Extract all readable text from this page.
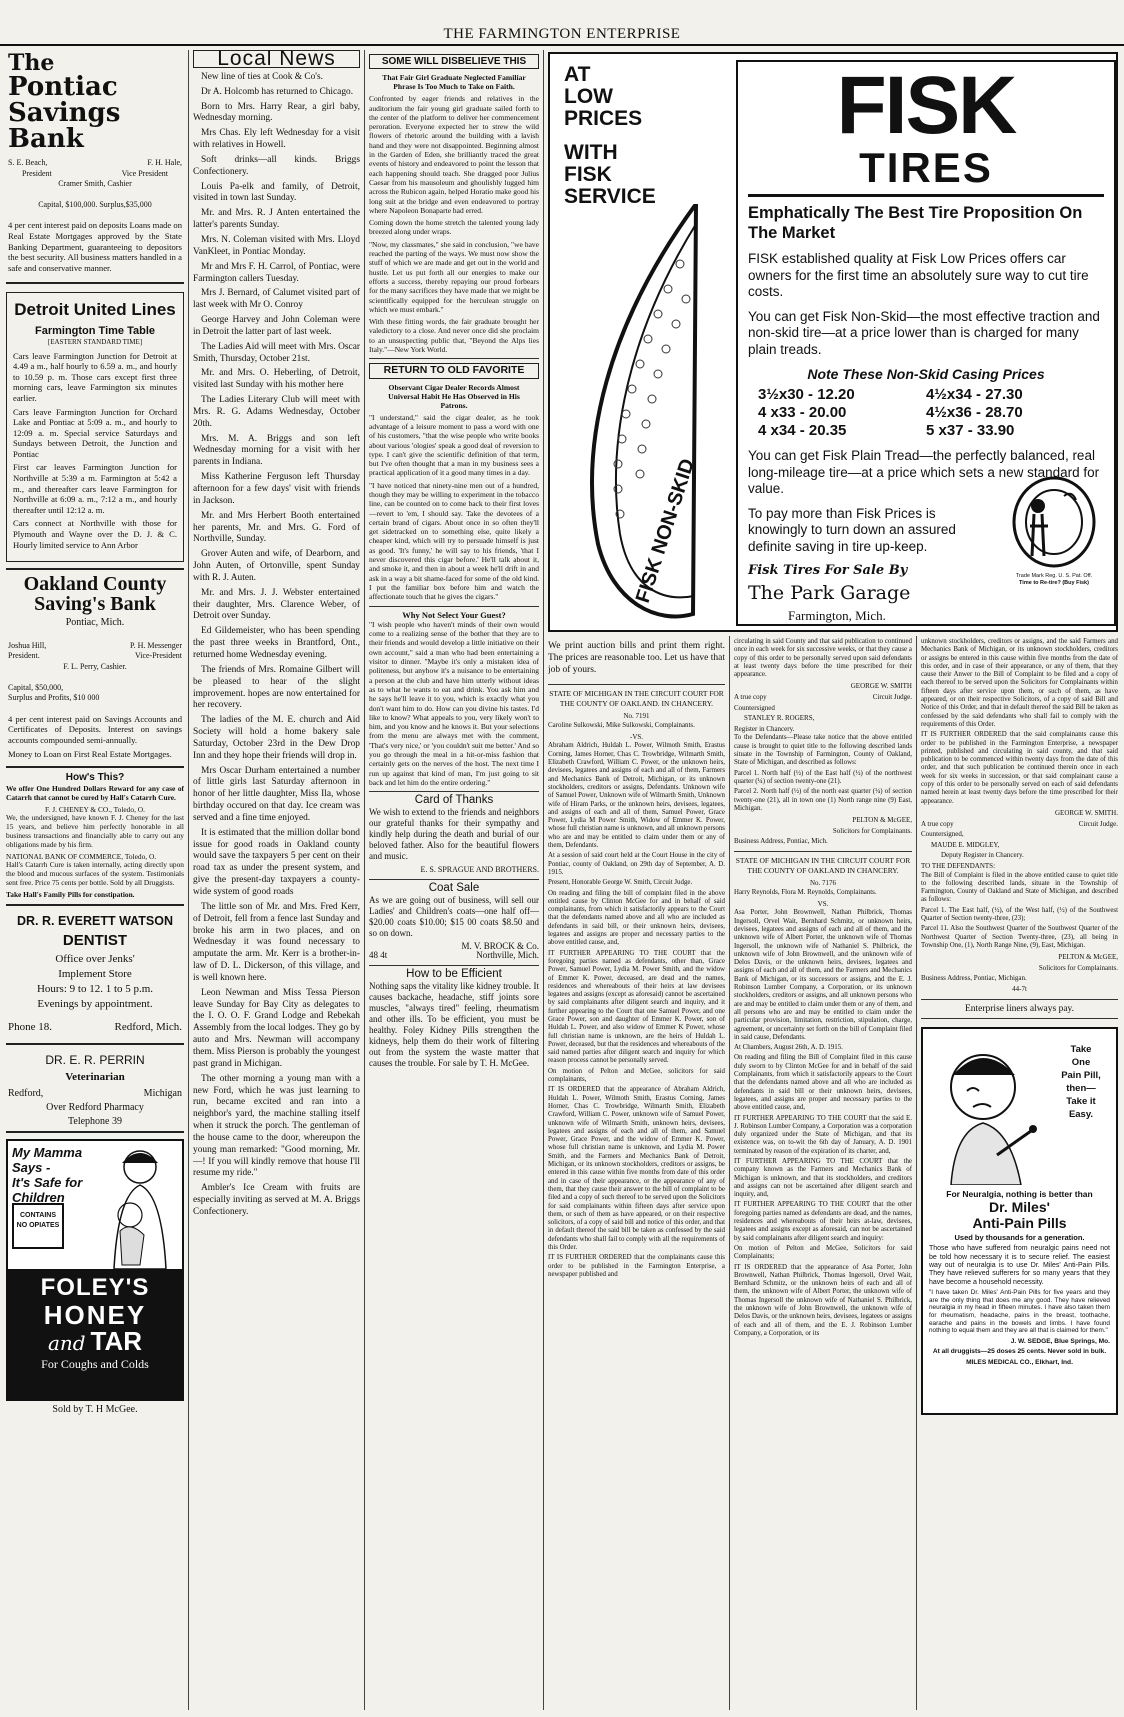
THE FARMINGTON ENTERPRISE
The
Pontiac
Savings Bank
S. E. Beach,	F. H. Hale,
President	Vice President
Cramer Smith, Cashier
Capital, $100,000. Surplus,$35,000

4 per cent interest paid on deposits Loans made on Real Estate Mortgages approved by the State Banking Department, guaranteeing to depositors the best security. All business matters handled in a safe and conservative manner.

Detroit United Lines
Farmington Time Table
[EASTERN STANDARD TIME]

Cars leave Farmington Junction for Detroit at 4.49 a m., half hourly to 6.59 a. m., and hourly to 10.59 p. m. Those cars except first three morning cars, leave Farmington six minutes earlier.

Cars leave Farmington Junction for Orchard Lake and Pontiac at 5:09 a. m., and hourly to 12:09 a. m. Special service Saturdays and Sundays between Detroit, the Junction and Pontiac

First car leaves Farmington Junction for Northville at 5:39 a m. Farmington at 5:42 a m., and thereafter cars leave Farmington for Northville at 6:09 a. m., 7:12 a m., and hourly thereafter until 12:12 a. m.

Cars connect at Northville with those for Plymouth and Wayne over the D. J. & C. Hourly limited service to Ann Arbor

Oakland County
Saving's Bank
Pontiac, Mich.
Joshua Hill,	P. H. Messenger
President.	Vice-President
F. L. Perry, Cashier.
Capital, $50,000,
Surplus and Profits, $10 000

4 per cent interest paid on Savings Accounts and Certificates of Deposits. Interest on savings accounts compounded semi-annually.

Money to Loan on First Real Estate Mortgages.

How's This?

We offer One Hundred Dollars Reward for any case of Catarrh that cannot be cured by Hall's Catarrh Cure.

F. J. CHENEY & CO., Toledo, O.

We, the undersigned, have known F. J. Cheney for the last 15 years, and believe him perfectly honorable in all business transactions and financially able to carry out any obligations made by his firm.

NATIONAL BANK OF COMMERCE, Toledo, O.

Hall's Catarrh Cure is taken internally, acting directly upon the blood and mucous surfaces of the system. Testimonials sent free. Price 75 cents per bottle. Sold by all Druggists.

Take Hall's Family Pills for constipation.
DR. R. EVERETT WATSON
DENTIST
Office over Jenks'
Implement Store
Hours: 9 to 12. 1 to 5 p.m.
Evenings by appointment.
Phone 18.	Redford, Mich.
DR. E. R. PERRIN
Veterinarian
Redford,	Michigan
Over Redford Pharmacy
Telephone 39
My Mamma Says -
It's Safe for
Children
CONTAINS NO OPIATES
FOLEY'S
HONEY
and TAR
For Coughs and Colds
Sold by T. H McGee.
Local News

New line of ties at Cook & Co's.

Dr A. Holcomb has returned to Chicago.

Born to Mrs. Harry Rear, a girl baby, Wednesday morning.

Mrs Chas. Ely left Wednesday for a visit with relatives in Howell.

Soft drinks—all kinds. Briggs Confectionery.

Louis Pa-elk and family, of Detroit, visited in town last Sunday.

Mr. and Mrs. R. J Anten entertained the latter's parents Sunday.

Mrs. N. Coleman visited with Mrs. Lloyd VanKleet, in Pontiac Monday.

Mr and Mrs F. H. Carrol, of Pontiac, were Farmington callers Tuesday.

Mrs J. Bernard, of Calumet visited part of last week with Mr O. Conroy

George Harvey and John Coleman were in Detroit the latter part of last week.

The Ladies Aid will meet with Mrs. Oscar Smith, Thursday, October 21st.

Mr. and Mrs. O. Heberling, of Detroit, visited last Sunday with his mother here

The Ladies Literary Club will meet with Mrs. R. G. Adams Wednesday, October 20th.

Mrs. M. A. Briggs and son left Wednesday morning for a visit with her parents in Indiana.

Miss Katherine Ferguson left Thursday afternoon for a few days' visit with friends in Jackson.

Mr. and Mrs Herbert Booth entertained her parents, Mr. and Mrs. G. Ford of Northville, Sunday.

Grover Auten and wife, of Dearborn, and John Auten, of Ortonville, spent Sunday with R. J. Auten.

Mr. and Mrs. J. J. Webster entertained their daughter, Mrs. Clarence Weber, of Detroit over Sunday.

Ed Gildemeister, who has been spending the past three weeks in Brantford, Ont., returned home Wednesday evening.

The friends of Mrs. Romaine Gilbert will be pleased to hear of the slight improvement. hopes are now entertained for her recovery.

The ladies of the M. E. church and Aid Society will hold a home bakery sale Saturday, October 23rd in the Dew Drop Inn and they hope their friends will drop in.

Mrs Oscar Durham entertained a number of little girls last Saturday afternoon in honor of her little daughter, Miss Ila, whose birthday occured on that day. Ice cream was served and a fine time enjoyed.

It is estimated that the million dollar bond issue for good roads in Oakland county would save the taxpayers 5 per cent on their road tax as under the present system, and give the present-day taxpayers a county-wide system of good roads

The little son of Mr. and Mrs. Fred Kerr, of Detroit, fell from a fence last Sunday and broke his arm in two places, and on Wednesday it was found necessary to amputate the arm. Mr. Kerr is a brother-in-law of D. L. Dickerson, of this village, and is well known here.

Leon Newman and Miss Tessa Pierson leave Sunday for Bay City as delegates to the I. O. O. F. Grand Lodge and Rebekah Assembly from the local lodges. They go by auto and Mrs. Newman will accompany them. Miss Pierson is probably the youngest past grand in Michigan.

The other morning a young man with a new Ford, which he was just learning to run, became excited and ran into a neighbor's yard, the machine stalling itself when it struck the porch. The gentleman of the house came to the door, whereupon the young man remarked: "Good morning, Mr. —! If you will kindly remove that house I'll resume my ride."

Ambler's Ice Cream with fruits are especially inviting as served at M. A. Briggs Confectionery.

SOME WILL DISBELIEVE THIS
That Fair Girl Graduate Neglected Familiar Phrase Is Too Much to Take on Faith.

Confronted by eager friends and relatives in the auditorium the fair young girl graduate sailed forth to the center of the platform to deliver her commencement peroration. Everyone expected her to strew the wild flowers of rhetoric around the building with a lavish hand and they were not disappointed. Beginning almost in the Garden of Eden, she brilliantly traced the great events of history and endeavored to point the lesson that each happening should teach. She dragged poor Julius Caesar from his mausoleum and ghoulishly lugged him across the Rubicon again, helped Horatio make good his long suit at the bridge and even endeavored to portray where Napoleon Bonaparte had erred.

Coming down the home stretch the talented young lady breezed along under wraps.

"Now, my classmates," she said in conclusion, "we have reached the parting of the ways. We must now show the stuff of which we are made and get out in the world and hustle. Let us put forth all our energies to make our efforts a success, thereby repaying our proud forbears for the many sacrifices they have made that we might be scientifically equipped for the herculean struggle on which we must embark."

With these fitting words, the fair graduate brought her valedictory to a close. And never once did she proclaim to an unsuspecting public that, "Beyond the Alps lies Italy."—New York World.

RETURN TO OLD FAVORITE
Observant Cigar Dealer Records Almost Universal Habit He Has Observed in His Patrons.

"I understand," said the cigar dealer, as he took advantage of a leisure moment to pass a word with one of his customers, "that the wise people who write books about various 'ologies' speak a good deal of reversion to type. I can't give the scientific definition of that term, but I've often thought that a man in my business sees a practical application of it a good many times in a day.

"I have noticed that ninety-nine men out of a hundred, though they may be willing to experiment in the tobacco line, can be counted on to come back to their first loves—revert to 'em, I should say. Take the devotees of a certain brand of cigars. About once in so often they'll get sidetracked on to something else, quite likely a cheaper kind, which will try to persuade himself is just as good. 'It's funny,' he will say to his friends, 'that I never discovered this cigar before.' He'll talk about it, and smoke it, and then in about a week he'll drift in and ask in a way a bit shame-faced for some of the old kind. I put the familiar box before him and watch the affectionate touch that he gives the cigars."

Why Not Select Your Guest?

"I wish people who haven't minds of their own would come to a realizing sense of the bother that they are to their friends and would develop a little initiative on their own account," said a man who had been entertaining a visitor to dinner. "Maybe it's only a mistaken idea of politeness, but anyhow it's a nuisance to be entertaining a person at the club and have him utterly without ideas as to what he wants to eat and drink. You ask him and he says he'll leave it to you, which is exactly what you don't want him to do. How can you divine his tastes. I'd like to know? What appeals to you, very likely won't to him, and you know and he knows it. But your selections from the menu are always met with the comment, 'That's very nice,' or 'you couldn't suit me better.' And so you go through the meal in a hit-or-miss fashion that certainly gets on the nerves of the host. The next time I run up against that kind of man, I'm just going to sit back and let him do the entire ordering."

Card of Thanks

We wish to extend to the friends and neighbors our grateful thanks for their sympathy and kindly help during the death and burial of our beloved father. Also for the beautiful flowers and music.

E. S. SPRAGUE AND BROTHERS.
Coat Sale

As we are going out of business, will sell our Ladies' and Children's coats—one half off—$20.00 coats $10.00; $15 00 coats $8.50 and so on down.

M. V. BROCK & Co.
48 4t	Northville, Mich.
How to be Efficient

Nothing saps the vitality like kidney trouble. It causes backache, headache, stiff joints sore muscles, "always tired" feeling, rheumatism and other ills. To be efficient, you must be healthy. Foley Kidney Pills strengthen the kidneys, help them do their work of filtering out from the system the waste matter that causes the trouble. For sale by T. H. McGee.

AT
LOW
PRICES
WITH
FISK
SERVICE
FISK NON-SKID
FISK
TIRES
Emphatically The Best Tire Proposition On The Market
FISK established quality at Fisk Low Prices offers car owners for the first time an absolutely sure way to cut tire costs.
You can get Fisk Non-Skid—the most effective traction and non-skid tire—at a price lower than is charged for many plain treads.
Note These Non-Skid Casing Prices
3½x30 - 12.20	4½x34 - 27.30
4 x33 - 20.00	4½x36 - 28.70
4 x34 - 20.35	5 x37 - 33.90
You can get Fisk Plain Tread—the perfectly balanced, real long-mileage tire—at a price which sets a new standard for value.
To pay more than Fisk Prices is knowingly to turn down an assured definite saving in tire up-keep.
Fisk Tires For Sale By
The Park Garage
Farmington, Mich.
Trade Mark Reg. U. S. Pat. Off.
Time to Re-tire? (Buy Fisk)

We print auction bills and print them right. The prices are reasonable too. Let us have that job of yours.

STATE OF MICHIGAN IN THE CIRCUIT COURT FOR THE COUNTY OF OAKLAND. IN CHANCERY.
No. 7191

Caroline Sulkowski, Mike Sulkowski, Complainants.

-VS.

Abraham Aldrich, Huldah L. Power, Wilmoth Smith, Erastus Corning, James Horner, Chas C. Trowbridge, Wilmarth Smith, Elizabeth Crawford, William C. Power, or the unknown heirs, devisees, legatees and assigns of each and all of them, Farmers and Mechanics Bank of Detroit, Michigan, or its unknown stockholders, creditors or assigns, Defendants. Unknown wife of Samuel Power, Unknown wife of Wilmarth Smith, Unknown wife of Hiram Parks, or the unknown heirs, devisees, legatees, and assigns of each and all of them, Samuel Power, Grace Power, Lydia M Power Smith, Widow of Emmer K. Power, whose full christian name is unknown, and all unknown persons who are and may be entitled to claim under them or any of them, Defendants.

At a session of said court held at the Court House in the city of Pontiac, county of Oakland, on 29th day of September, A. D. 1915.

Present, Honorable George W. Smith, Circuit Judge.

On reading and filing the bill of complaint filed in the above entitled cause by Clinton McGee for and in behalf of said complainants, from which it satisfactorily appears to the Court that the defendants named above and all who are included as defendants in said bill, or their unknown heirs, devisees, legatees and assigns are proper and necessary parties to the above entitled cause, and,

IT FURTHER APPEARING TO THE COURT that the foregoing parties named as defendants, other than, Grace Power, Samuel Power, Lydia M. Power Smith, and the widow of Emmer K. Power, deceased, are dead and the names, residences and whereabouts of their heirs at law devisees legatees and assigns (except as aforesaid) cannot be ascertained by said complainants after diligent search and inquiry, and it further appearing to the Court that one Samuel Power, and one Grace Power, son and daughter of Emmer K. Power, son of Huldah L. Power, and also widow of Emmer K Power, whose full christian name is unknown, are the heirs of Huldah L. Power, deceased, but that the residences and whereabouts of the said named parties after diligent search and inquiry for which reason process cannot be personally served.

On motion of Pelton and McGee, solicitors for said complainants,

IT IS ORDERED that the appearance of Abraham Aldrich, Huldah L. Power, Wilmoth Smith, Erastus Corning, James Horner, Chas C. Trowbridge, Wilmarth Smith, Elizabeth Crawford, William C. Power, unknown wife of Samuel Power, unknown wife of Wilmarth Smith, unknown heirs, devisees, legatees and assigns of each and all of them, and Samuel Power, Grace Power, and the widow of Emmer K. Power, whose full christian name is unknown, and Lydia M. Power Smith, and the Farmers and Mechanics Bank of Detroit, Michigan, or its unknown stockholders, creditors or assigns, be entered in this cause within five months from date of this order and in case of their appearance, or the appearance of any of them, that they cause their answer to the bill of complaint to be filed and a copy of such thereof to be served upon the Solicitors for said complainants within fifteen days after service upon them, or such of them as have appeared, or on their respective solicitors, of a copy of said bill and notice of this order, and that in default thereof the said bill be taken as confessed by the said defendants who shall fail to comply with all the requirements of this Order.

IT IS FURTHER ORDERED that the complainants cause this order to be published in the Farmington Enterprise, a newspaper published and

circulating in said County and that said publication to continued once in each week for six successive weeks, or that they cause a copy of this order to be personally served upon said defendants at least twenty days before the time prescribed for their appearance.

GEORGE W. SMITH
A true copy	Circuit Judge.
Countersigned
STANLEY R. ROGERS,
Register in Chancery.

To the Defendants—Please take notice that the above entitled cause is brought to quiet title to the following described lands situate in the Township of Farmington, County of Oakland, State of Michigan, and described as follows:

Parcel 1. North half (½) of the East half (½) of the northwest quarter (¼) of section twenty-one (21).

Parcel 2. North half (½) of the north east quarter (¼) of section twenty-one (21), all in town one (1) North range nine (9) East, Michigan.

PELTON & McGEE,
Solicitors for Complainants.
Business Address, Pontiac, Mich.
STATE OF MICHIGAN IN THE CIRCUIT COURT FOR THE COUNTY OF OAKLAND IN CHANCERY.
No. 7176

Harry Reynolds, Flora M. Reynolds, Complainants.

VS.

Asa Porter, John Brownwell, Nathan Philbrick, Thomas Ingersoll, Orvel Wait, Bernhard Schmitz, or unknown heirs, devisees, legatees and assigns of each and all of them, and the unknown wife of Albert Porter, the unknown wife of Thomas Ingersoll, the unknown wife of Nathaniel S. Philbrick, the unknown wife of John Brownwell, and the unknown wife of Delos Davis, or the unknown heirs, devisees, legatees and assigns of each and all of them, and the Farmers and Mechanics Bank of Michigan, or its successors or assigns, and the E. J. Robinson Lumber Company, a Corporation, or its unknown stockholders, creditors or assigns, and all unknown persons who are and may be entitled to claim under them or any of them, and all persons who are and may be entitled to claim under the particular provision, limitation, restriction, stipulation, charge, agreement, or uncertainty set forth on the bill of Complaint filed in said cause, Defendants.

At Chambers, August 26th, A. D. 1915.

On reading and filing the Bill of Complaint filed in this cause duly sworn to by Clinton McGee for and in behalf of the said Complainants, from which it satisfactorily appears to the Court that the defendants named above and all who are included as defendants in said bill or their unknown heirs, devisees, legatees, and assigns are proper and necessary parties to the above entitled cause, and,

IT FURTHER APPEARING TO THE COURT that the said E. J. Robinson Lumber Company, a Corporation was a corporation duly organized under the State of Michigan, and that its existence was, on to-wit the 6th day of January, A. D. 1901 terminated by reason of the expiration of its charter, and,

IT FURTHER APPEARING TO THE COURT that the company known as the Farmers and Mechanics Bank of Michigan is unknown, and that its stockholders, and creditors and assigns can not be ascertained after diligent search and inquiry, and,

IT FURTHER APPEARING TO THE COURT that the other foregoing parties named as defendants are dead, and the names, residences and whereabouts of their heirs at-law, devisees, legatees and assigns except as aforesaid, can not be ascertained by said complainants after diligent search and inquiry:

On motion of Pelton and McGee, Solicitors for said Complainants;

IT IS ORDERED that the appearance of Asa Porter, John Brownwell, Nathan Philbrick, Thomas Ingersoll, Orvel Wait, Bernhard Schmitz, or the unknown heirs of each and all of them, the unknown wife of Albert Porter, the unknown wife of Thomas Ingersoll the unknown wife of Nathaniel S. Philbrick, the unknown wife of John Brownwell, the unknown wife of Delos Davis, or the unknown heirs, devisees, legatees or assigns of each and all of them, and the E. J. Robinson Lumber Company, a Corporation, or its

unknown stockholders, creditors or assigns, and the said Farmers and Mechanics Bank of Michigan, or its unknown stockholders, creditors or assigns be entered in this cause within five months from the date of this order, and in case of their appearance, or any of them, that they cause their Anwer to the Bill of Complaint to be filed and a copy of each thereof to be served upon the Solicitors for Complainants within fifteen days after service upon them, or such of them, as have appeared, or on their respective Solicitors, of a copy of said Bill and Notice of this Order, and that in default thereof the said Bill be taken as confessed by the said defendants who shall fail to comply with the requirements of this Order.

IT IS FURTHER ORDERED that the said complainants cause this order to be published in the Farmington Enterprise, a newspaper printed, published and circulating in said county, and that said publication to be commenced within twenty days from the date of this order, and that such publication be continued therein once in each week for six weeks in succession, or that said complainant cause a copy of this order to be personally served on each of said defendants named herein at least twenty days before the time prescribed for their appearance.

GEORGE W. SMITH.
A true copy	Circuit Judge.
Countersigned,
MAUDE E. MIDGLEY,
Deputy Register in Chancery.
TO THE DEFENDANTS:

The Bill of Complaint is filed in the above entitled cause to quiet title to the following described lands, situate in the Township of Farmington, County of Oakland and State of Michigan, and described as follows:

Parcel 1. The East half, (½), of the West half, (½) of the Southwest Quarter of Section twenty-three, (23);

Parcel 11. Also the Southwest Quarter of the Southwest Quarter of the Northwest Quarter of Section Twenty-three, (23), all being in Township One, (1), North Range Nine, (9), East, Michigan.

PELTON & McGEE,
Solicitors for Complainants.
Business Address, Pontiac, Michigan.
44-7t
Enterprise liners always pay.
Take
One
Pain Pill,
then—
Take it
Easy.
For Neuralgia, nothing is better than
Dr. Miles'
Anti-Pain Pills
Used by thousands for a generation.

Those who have suffered from neuralgic pains need not be told how necessary it is to secure relief. The easiest way out of neuralgia is to use Dr. Miles' Anti-Pain Pills. They have relieved sufferers for so many years that they have become a household necessity.

"I have taken Dr. Miles' Anti-Pain Pills for five years and they are the only thing that does me any good. They have relieved neuralgia in my head in fifteen minutes. I have also taken them for rheumatism, headache, pains in the breast, toothache, earache and pains in the bowels and limbs. I have found nothing to equal them and they are all that is claimed for them."

J. W. SEDGE, Blue Springs, Mo.
At all druggists—25 doses 25 cents. Never sold in bulk.
MILES MEDICAL CO., Elkhart, Ind.
